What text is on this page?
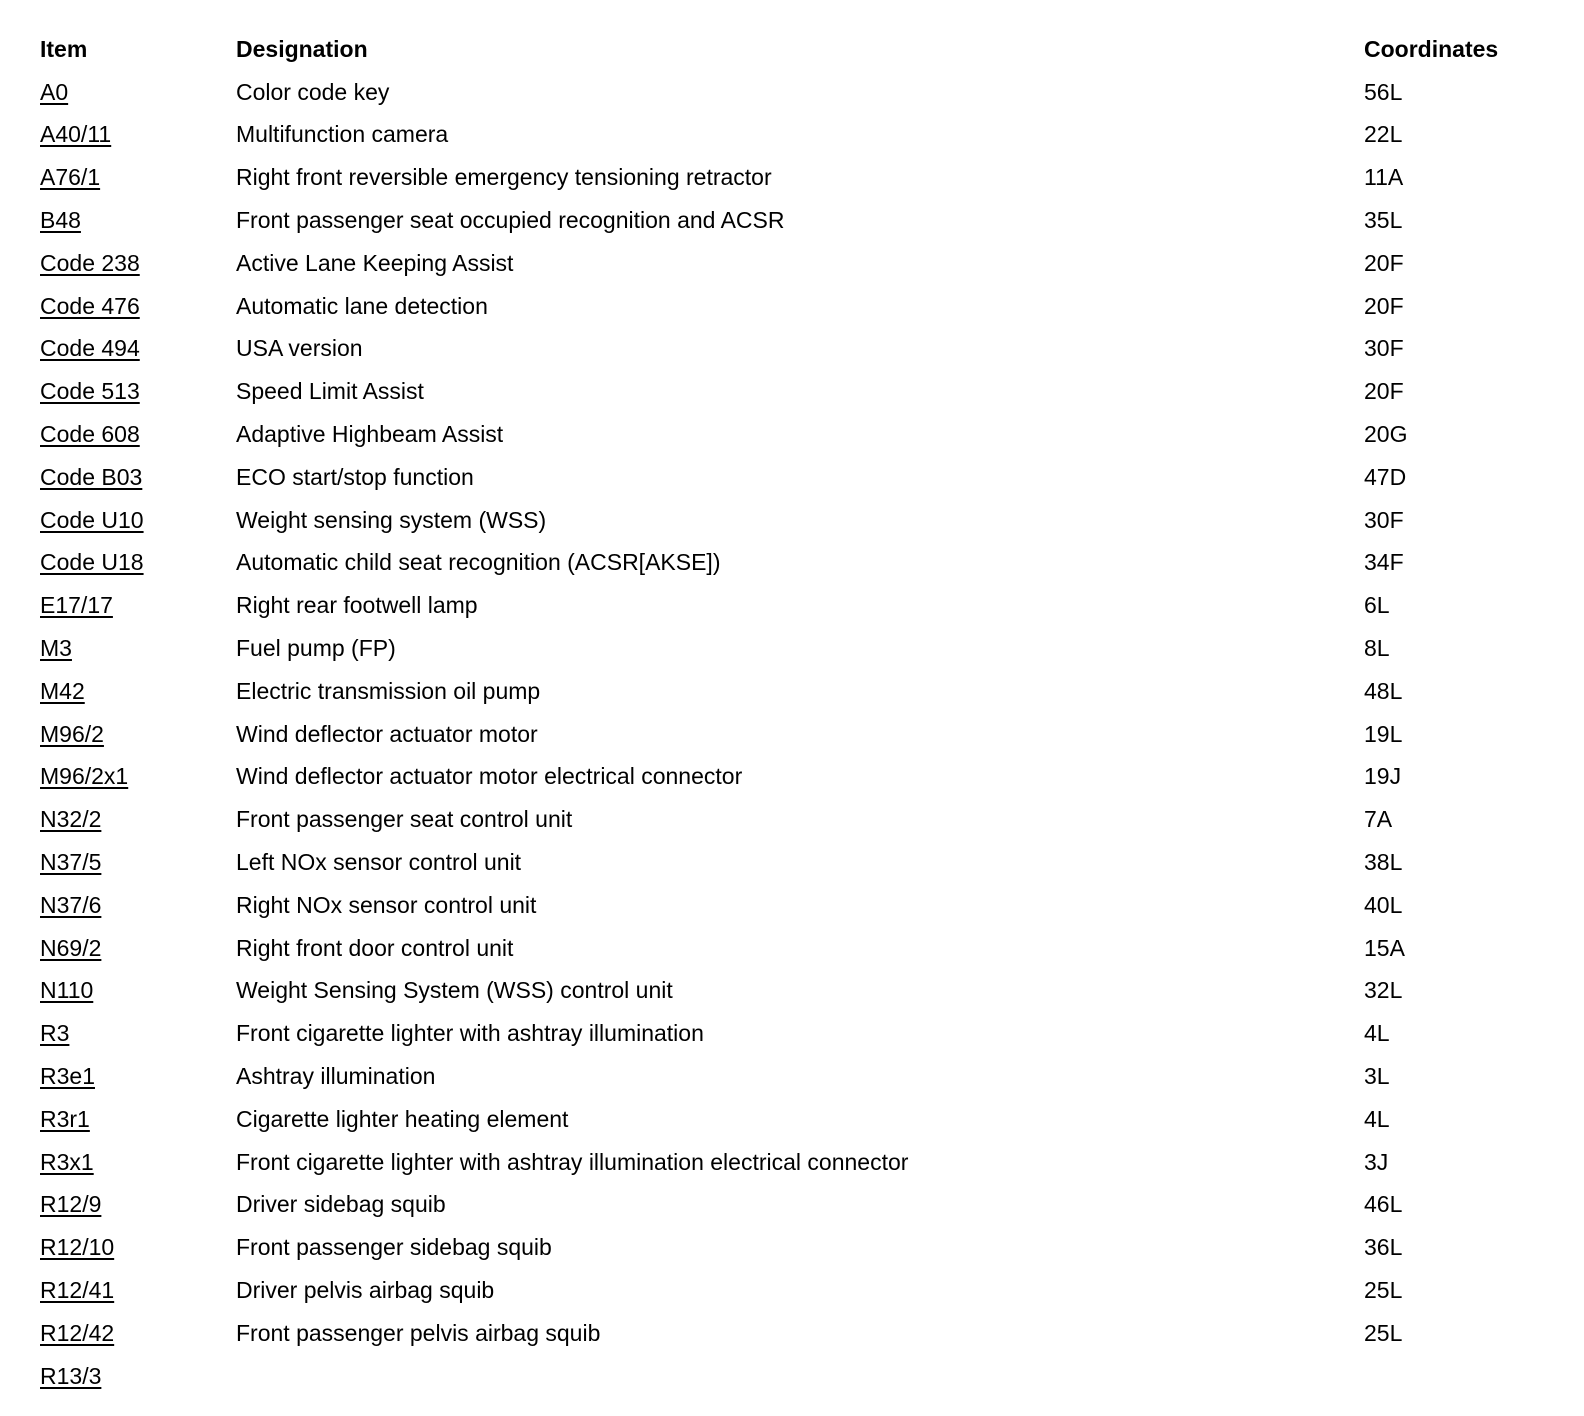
Item	Designation	Coordinates
A0	Color code key	56L
A40/11	Multifunction camera	22L
A76/1	Right front reversible emergency tensioning retractor	11A
B48	Front passenger seat occupied recognition and ACSR	35L
Code 238	Active Lane Keeping Assist	20F
Code 476	Automatic lane detection	20F
Code 494	USA version	30F
Code 513	Speed Limit Assist	20F
Code 608	Adaptive Highbeam Assist	20G
Code B03	ECO start/stop function	47D
Code U10	Weight sensing system (WSS)	30F
Code U18	Automatic child seat recognition (ACSR[AKSE])	34F
E17/17	Right rear footwell lamp	6L
M3	Fuel pump (FP)	8L
M42	Electric transmission oil pump	48L
M96/2	Wind deflector actuator motor	19L
M96/2x1	Wind deflector actuator motor electrical connector	19J
N32/2	Front passenger seat control unit	7A
N37/5	Left NOx sensor control unit	38L
N37/6	Right NOx sensor control unit	40L
N69/2	Right front door control unit	15A
N110	Weight Sensing System (WSS) control unit	32L
R3	Front cigarette lighter with ashtray illumination	4L
R3e1	Ashtray illumination	3L
R3r1	Cigarette lighter heating element	4L
R3x1	Front cigarette lighter with ashtray illumination electrical connector	3J
R12/9	Driver sidebag squib	46L
R12/10	Front passenger sidebag squib	36L
R12/41	Driver pelvis airbag squib	25L
R12/42	Front passenger pelvis airbag squib	25L
R13/3		
